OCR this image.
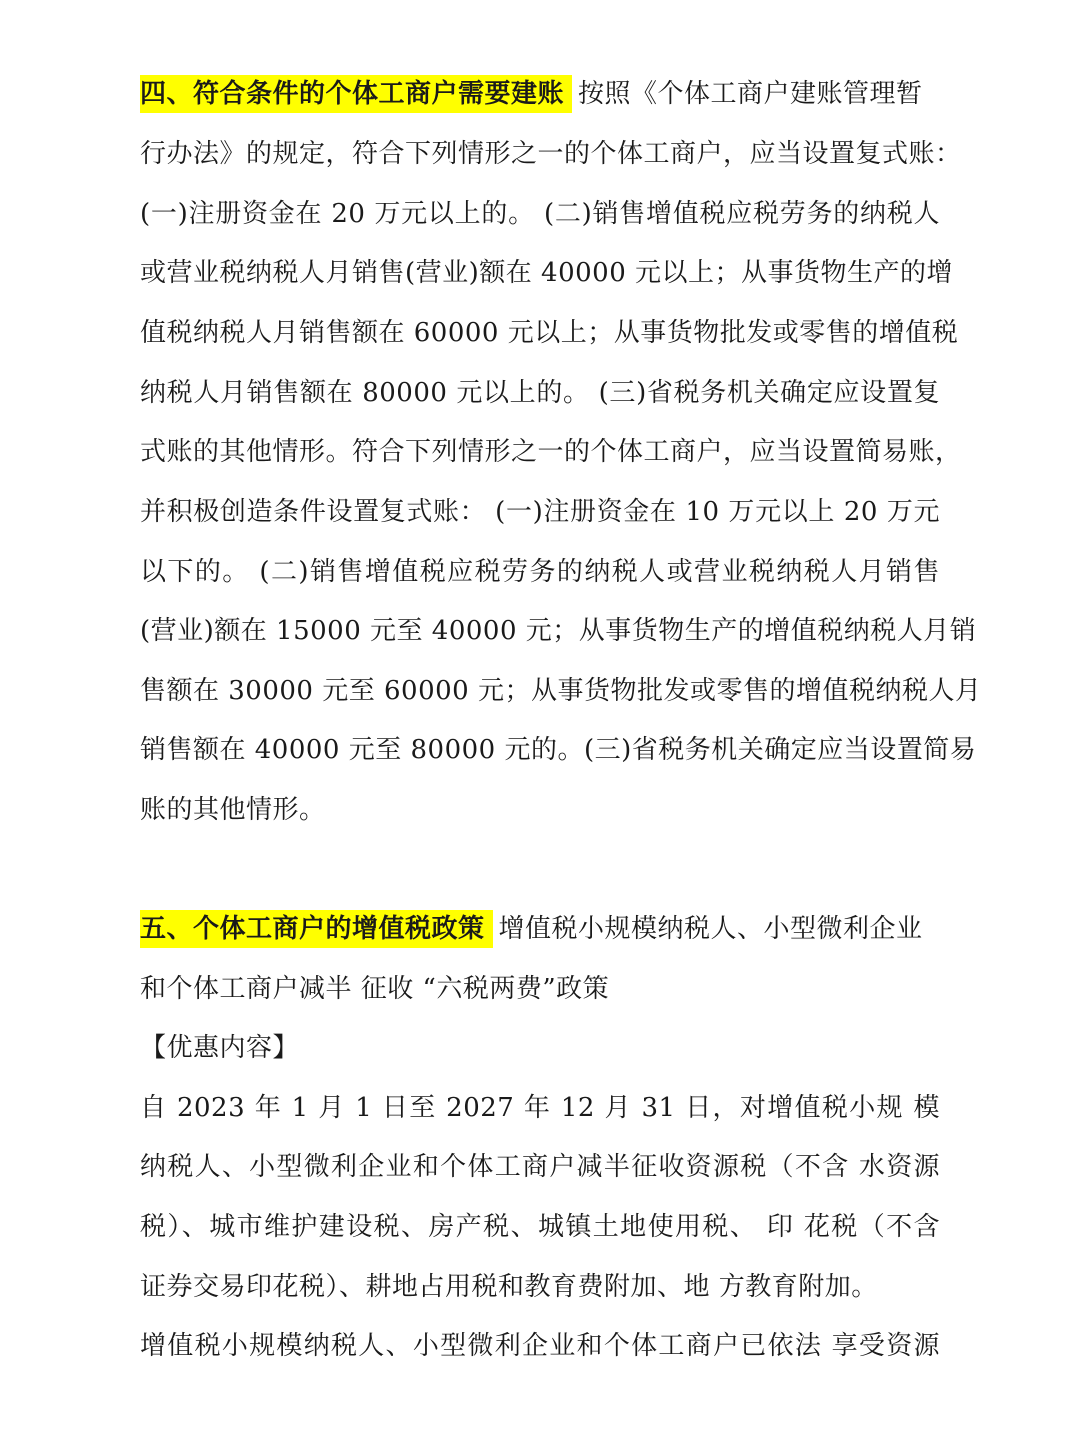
四、符合条件的个体工商户需要建账 按照《个体工商户建账管理暂
行办法》的规定，符合下列情形之一的个体工商户，应当设置复式账：
(一)注册资金在 20 万元以上的。 (二)销售增值税应税劳务的纳税人
或营业税纳税人月销售(营业)额在 40000 元以上；从事货物生产的增
值税纳税人月销售额在 60000 元以上；从事货物批发或零售的增值税
纳税人月销售额在 80000 元以上的。 (三)省税务机关确定应设置复
式账的其他情形。符合下列情形之一的个体工商户，应当设置简易账，
并积极创造条件设置复式账： (一)注册资金在 10 万元以上 20 万元
以下的。 (二)销售增值税应税劳务的纳税人或营业税纳税人月销售
(营业)额在 15000 元至 40000 元；从事货物生产的增值税纳税人月销
售额在 30000 元至 60000 元；从事货物批发或零售的增值税纳税人月
销售额在 40000 元至 80000 元的。(三)省税务机关确定应当设置简易
账的其他情形。
五、个体工商户的增值税政策 增值税小规模纳税人、小型微利企业
和个体工商户减半 征收 “六税两费”政策
【优惠内容】
自 2023 年 1 月 1 日至 2027 年 12 月 31 日，对增值税小规 模
纳税人、小型微利企业和个体工商户减半征收资源税（不含 水资源
税）、城市维护建设税、房产税、城镇土地使用税、 印 花税（不含
证券交易印花税）、耕地占用税和教育费附加、地 方教育附加。
增值税小规模纳税人、小型微利企业和个体工商户已依法 享受资源
